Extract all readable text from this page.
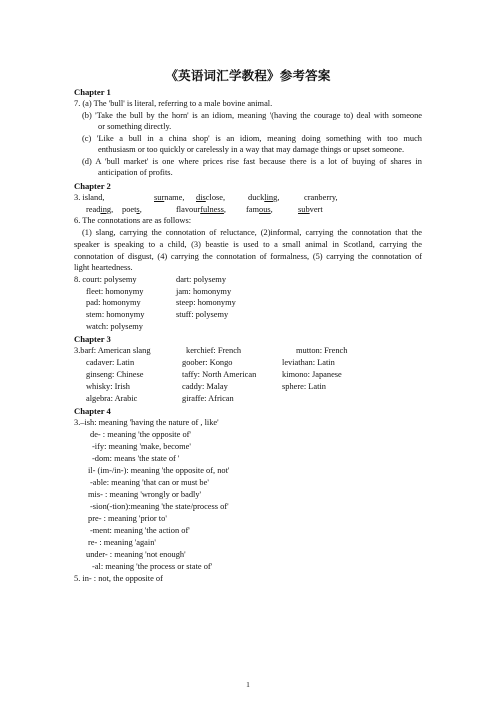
《英语词汇学教程》参考答案
Chapter 1
7. (a) The 'bull' is literal, referring to a male bovine animal.
(b) 'Take the bull by the horn' is an idiom, meaning '(having the courage to) deal with someone
or something directly.
(c) 'Like a bull in a china shop' is an idiom, meaning doing something with too much
enthusiasm or too quickly or carelessly in a way that may damage things or upset someone.
(d) A 'bull market' is one where prices rise fast because there is a lot of buying of shares in
anticipation of profits.
Chapter 2
3. island,	surname, disclose,	duckling,	cranberry,
reading, poets,	flavourfulness, famous,	subvert
6. The connotations are as follows:
(1) slang, carrying the connotation of reluctance, (2)informal, carrying the connotation that the
speaker is speaking to a child, (3) beastie is used to a small animal in Scotland, carrying the
connotation of disgust, (4) carrying the connotation of formalness, (5) carrying the connotation of
light heartedness.
8. court: polysemy	dart: polysemy
fleet: homonymy	jam: homonymy
pad: homonymy	steep: homonymy
stem: homonymy	stuff: polysemy
watch: polysemy
Chapter 3
3.barf: American slang	kerchief: French	mutton: French
cadaver: Latin	goober: Kongo	leviathan: Latin
ginseng: Chinese	taffy: North American	kimono: Japanese
whisky: Irish	caddy: Malay	sphere: Latin
algebra: Arabic	giraffe: African
Chapter 4
3.–ish: meaning 'having the nature of , like'
de- : meaning 'the opposite of'
-ify: meaning 'make, become'
-dom: means 'the state of '
il- (im-/in-): meaning 'the opposite of, not'
-able: meaning 'that can or must be'
mis- : meaning 'wrongly or badly'
-sion(-tion):meaning 'the state/process of'
pre- : meaning 'prior to'
-ment: meaning 'the action of'
re- : meaning 'again'
under- : meaning 'not enough'
-al: meaning 'the process or state of'
5. in- : not, the opposite of
1
